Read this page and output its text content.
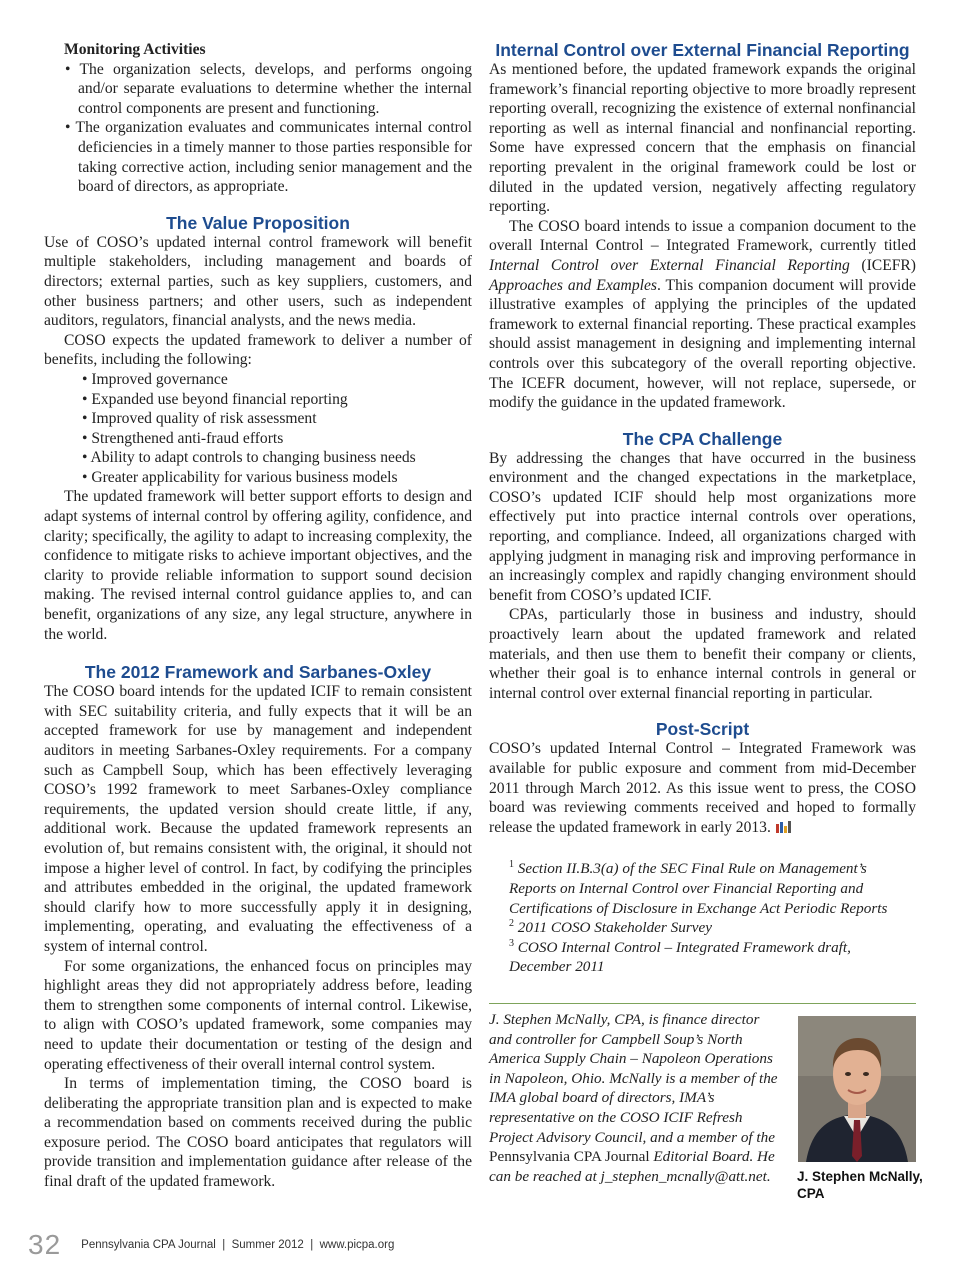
Monitoring Activities
• The organization selects, develops, and performs ongoing and/or separate evaluations to determine whether the internal control components are present and functioning.
• The organization evaluates and communicates internal control deficiencies in a timely manner to those parties responsible for taking corrective action, including senior management and the board of directors, as appropriate.
The Value Proposition

Use of COSO’s updated internal control framework will benefit multiple stakeholders, including management and boards of directors; external parties, such as key suppliers, customers, and other business partners; and other users, such as independent auditors, regulators, financial analysts, and the news media.

COSO expects the updated framework to deliver a number of benefits, including the following:

• Improved governance
• Expanded use beyond financial reporting
• Improved quality of risk assessment
• Strengthened anti-fraud efforts
• Ability to adapt controls to changing business needs
• Greater applicability for various business models

The updated framework will better support efforts to design and adapt systems of internal control by offering agility, confidence, and clarity; specifically, the agility to adapt to increasing complexity, the confidence to mitigate risks to achieve important objectives, and the clarity to provide reliable information to support sound decision making. The revised internal control guidance applies to, and can benefit, organizations of any size, any legal structure, anywhere in the world.

The 2012 Framework and Sarbanes-Oxley

The COSO board intends for the updated ICIF to remain consistent with SEC suitability criteria, and fully expects that it will be an accepted framework for use by management and independent auditors in meeting Sarbanes-Oxley requirements. For a company such as Campbell Soup, which has been effectively leveraging COSO’s 1992 framework to meet Sarbanes-Oxley compliance requirements, the updated version should create little, if any, additional work. Because the updated framework represents an evolution of, but remains consistent with, the original, it should not impose a higher level of control. In fact, by codifying the principles and attributes embedded in the original, the updated framework should clarify how to more successfully apply it in designing, implementing, operating, and evaluating the effectiveness of a system of internal control.

For some organizations, the enhanced focus on principles may highlight areas they did not appropriately address before, leading them to strengthen some components of internal control. Likewise, to align with COSO’s updated framework, some companies may need to update their documentation or testing of the design and operating effectiveness of their overall internal control system.

In terms of implementation timing, the COSO board is deliberating the appropriate transition plan and is expected to make a recommendation based on comments received during the public exposure period. The COSO board anticipates that regulators will provide transition and implementation guidance after release of the final draft of the updated framework.

Internal Control over External Financial Reporting

As mentioned before, the updated framework expands the original framework’s financial reporting objective to more broadly represent reporting overall, recognizing the existence of external nonfinancial reporting as well as internal financial and nonfinancial reporting. Some have expressed concern that the emphasis on financial reporting prevalent in the original framework could be lost or diluted in the updated version, negatively affecting regulatory reporting.

The COSO board intends to issue a companion document to the overall Internal Control – Integrated Framework, currently titled Internal Control over External Financial Reporting (ICEFR) Approaches and Examples. This companion document will provide illustrative examples of applying the principles of the updated framework to external financial reporting. These practical examples should assist management in designing and implementing internal controls over this subcategory of the overall reporting objective. The ICEFR document, however, will not replace, supersede, or modify the guidance in the updated framework.

The CPA Challenge

By addressing the changes that have occurred in the business environment and the changed expectations in the marketplace, COSO’s updated ICIF should help most organizations more effectively put into practice internal controls over operations, reporting, and compliance. Indeed, all organizations charged with applying judgment in managing risk and improving performance in an increasingly complex and rapidly changing environment should benefit from COSO’s updated ICIF.

CPAs, particularly those in business and industry, should proactively learn about the updated framework and related materials, and then use them to benefit their company or clients, whether their goal is to enhance internal controls in general or internal control over external financial reporting in particular.

Post-Script

COSO’s updated Internal Control – Integrated Framework was available for public exposure and comment from mid-December 2011 through March 2012. As this issue went to press, the COSO board was reviewing comments received and hoped to formally release the updated framework in early 2013.

$^1$ Section II.B.3(a) of the SEC Final Rule on Management’s Reports on Internal Control over Financial Reporting and Certifications of Disclosure in Exchange Act Periodic Reports
$^2$ 2011 COSO Stakeholder Survey
$^3$ COSO Internal Control – Integrated Framework draft, December 2011
J. Stephen McNally, CPA, is finance director and controller for Campbell Soup’s North America Supply Chain – Napoleon Operations in Napoleon, Ohio. McNally is a member of the IMA global board of directors, IMA’s representative on the COSO ICIF Refresh Project Advisory Council, and a member of the Pennsylvania CPA Journal Editorial Board. He can be reached at j_stephen_mcnally@att.net.	J. Stephen McNally,
CPA
32 Pennsylvania CPA Journal  |  Summer 2012  |  www.picpa.org
